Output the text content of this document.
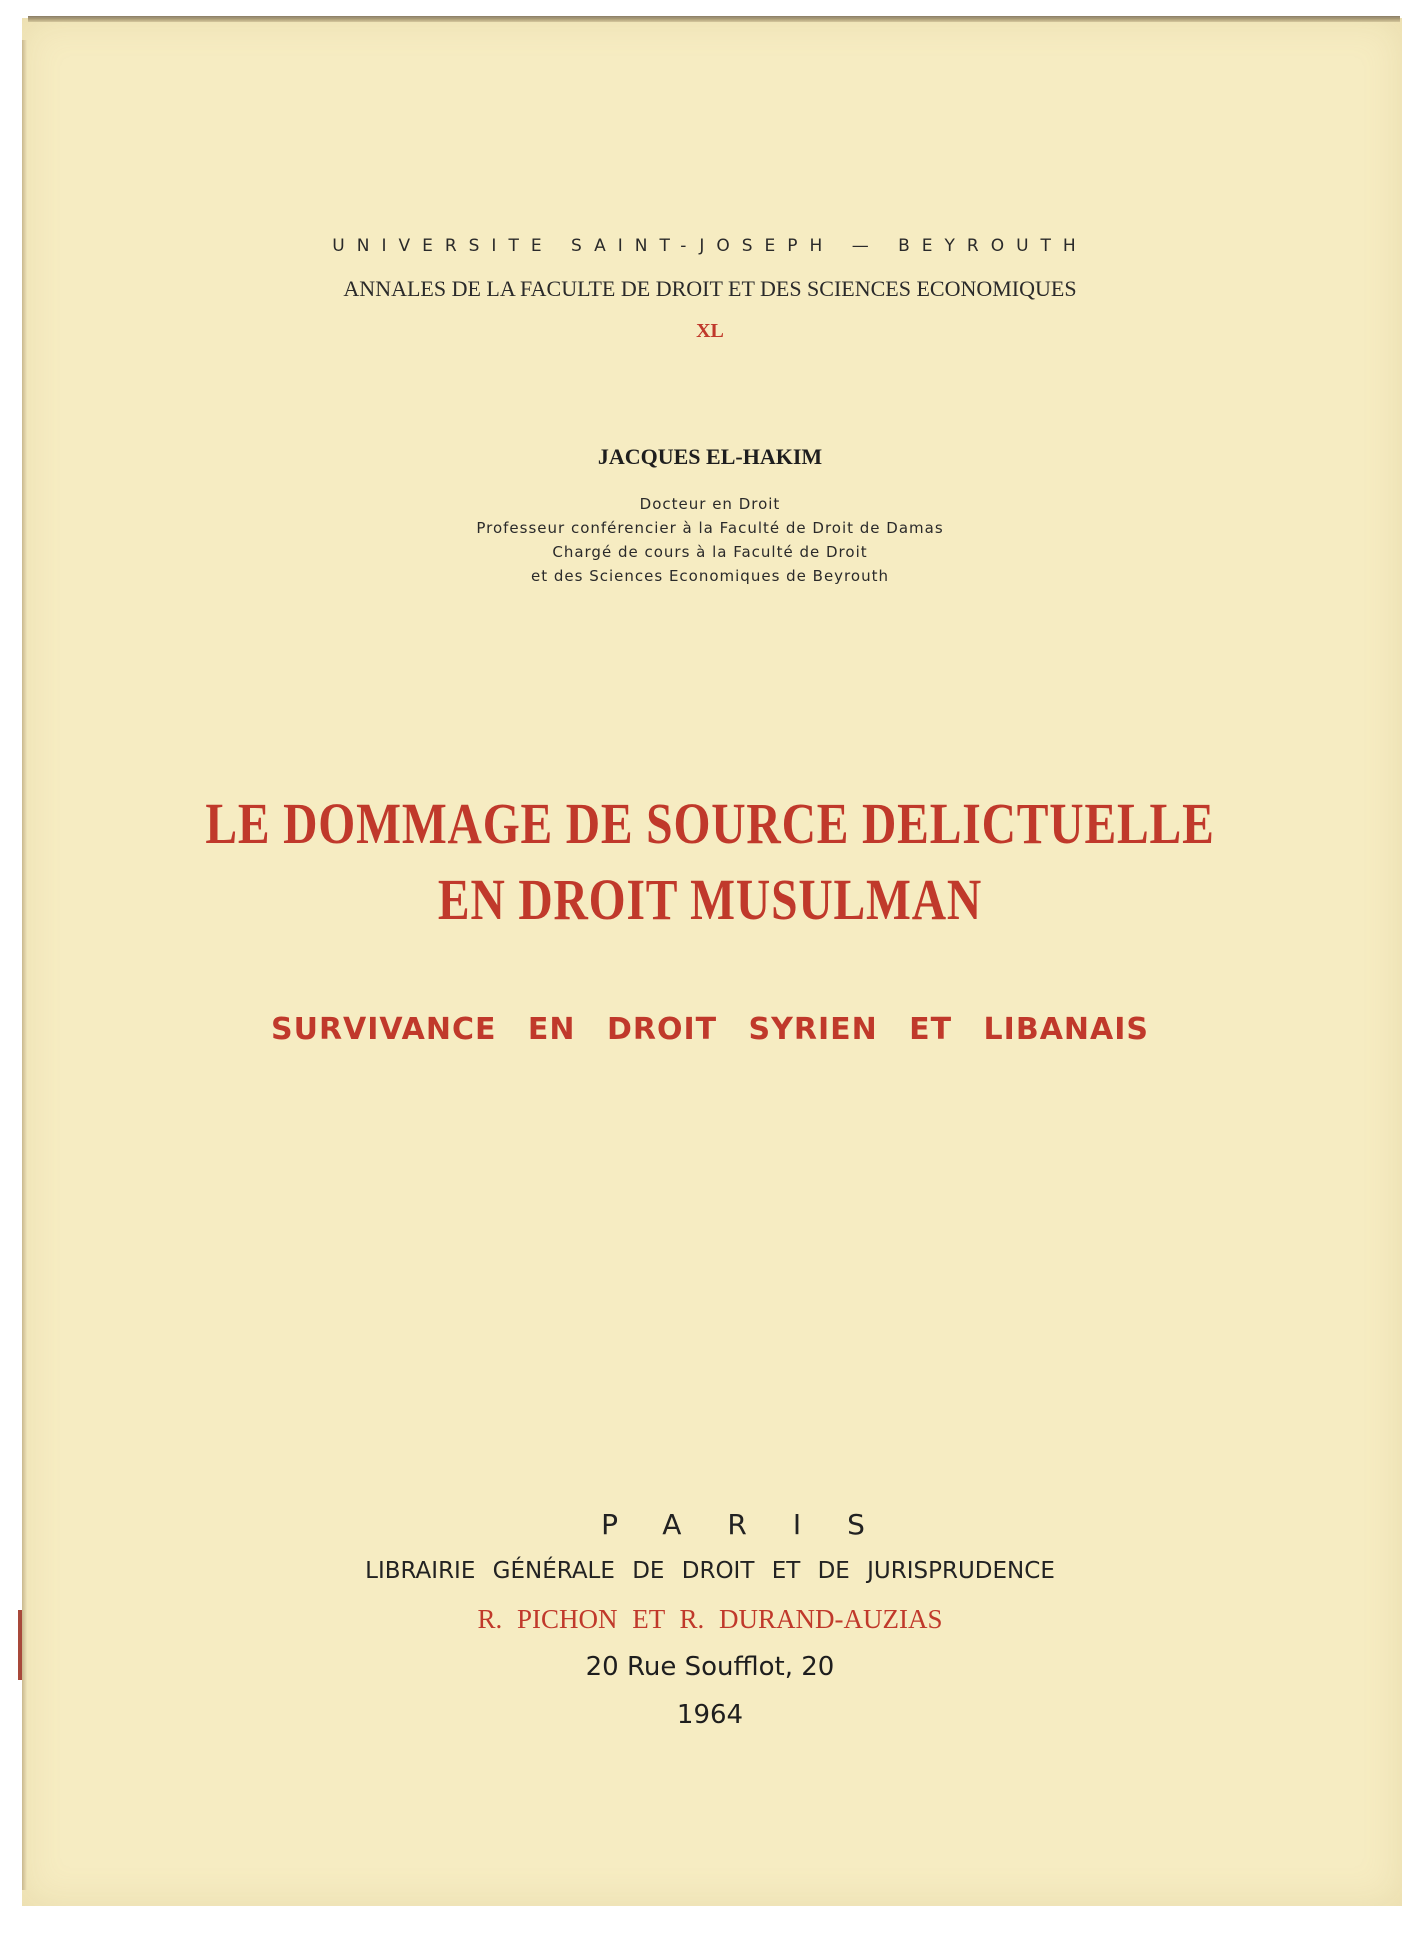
UNIVERSITE SAINT-JOSEPH — BEYROUTH

ANNALES DE LA FACULTE DE DROIT ET DES SCIENCES ECONOMIQUES

XL

JACQUES EL-HAKIM

Docteur en Droit

Professeur conférencier à la Faculté de Droit de Damas

Chargé de cours à la Faculté de Droit

et des Sciences Economiques de Beyrouth

LE DOMMAGE DE SOURCE DELICTUELLE

EN DROIT MUSULMAN

SURVIVANCE EN DROIT SYRIEN ET LIBANAIS

PARIS

LIBRAIRIE GÉNÉRALE DE DROIT ET DE JURISPRUDENCE

R. PICHON ET R. DURAND-AUZIAS

20 Rue Soufflot, 20

1964
